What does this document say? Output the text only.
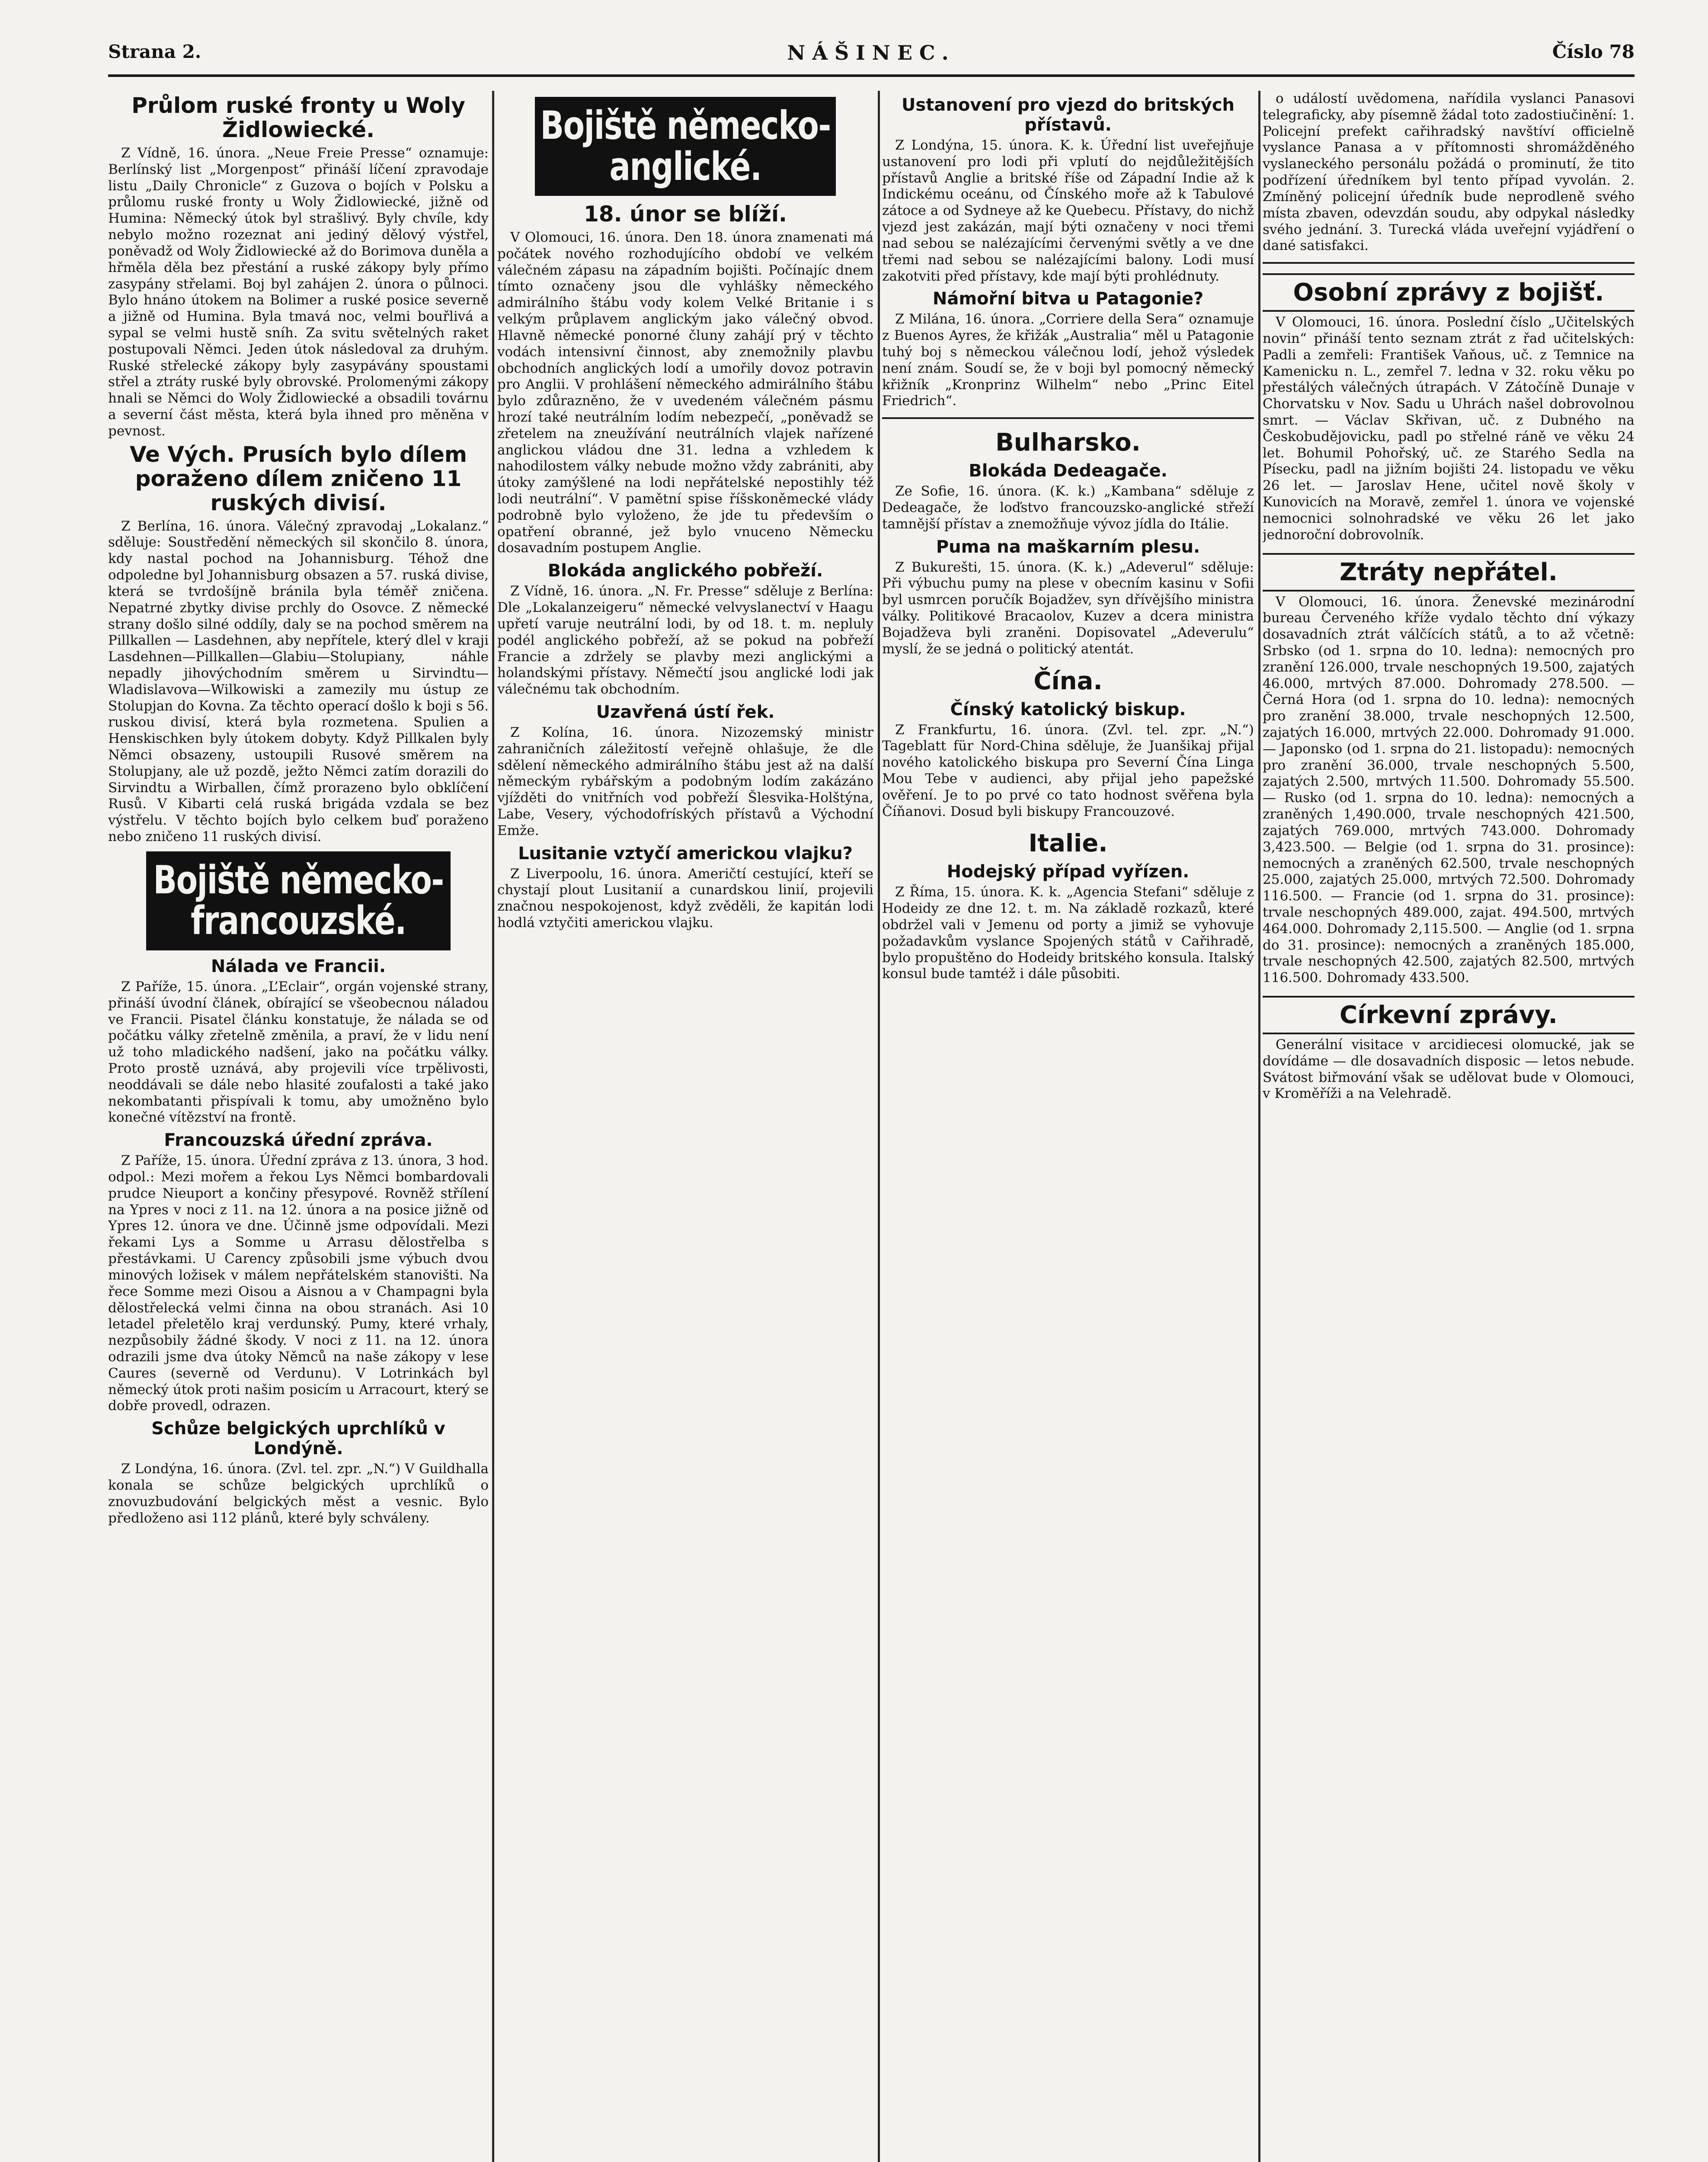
Strana 2.	NÁŠINEC.	Číslo 78
Průlom ruské fronty u Woly Židlowiecké.

Z Vídně, 16. února. „Neue Freie Presse“ oznamuje: Berlínský list „Morgenpost“ přináší líčení zpravodaje listu „Daily Chronicle“ z Guzova o bojích v Polsku a průlomu ruské fronty u Woly Židlowiecké, jižně od Humina: Německý útok byl strašlivý. Byly chvíle, kdy nebylo možno rozeznat ani jediný dělový výstřel, poněvadž od Woly Židlowiecké až do Borimova duněla a hřměla děla bez přestání a ruské zákopy byly přímo zasypány střelami. Boj byl zahájen 2. února o půlnoci. Bylo hnáno útokem na Bolimer a ruské posice severně a jižně od Humina. Byla tmavá noc, velmi bouřlivá a sypal se velmi hustě sníh. Za svitu světelných raket postupovali Němci. Jeden útok následoval za druhým. Ruské střelecké zákopy byly zasypávány spoustami střel a ztráty ruské byly obrovské. Prolomenými zákopy hnali se Němci do Woly Židlowiecké a obsadili továrnu a severní část města, která byla ihned pro měněna v pevnost.

Ve Vých. Prusích bylo dílem poraženo dílem zničeno 11 ruských divisí.

Z Berlína, 16. února. Válečný zpravodaj „Lokalanz.“ sděluje: Soustředění německých sil skončilo 8. února, kdy nastal pochod na Johannisburg. Téhož dne odpoledne byl Johannisburg obsazen a 57. ruská divise, která se tvrdošíjně bránila byla téměř zničena. Nepatrné zbytky divise prchly do Osovce. Z německé strany došlo silné oddíly, daly se na pochod směrem na Pillkallen — Lasdehnen, aby nepřítele, který dlel v kraji Lasdehnen—Pillkallen—Glabiu—Stolupiany, náhle nepadly jihovýchodním směrem u Sirvindtu—Wladislavova—Wilkowiski a zamezily mu ústup ze Stolupjan do Kovna. Za těchto operací došlo k boji s 56. ruskou divisí, která byla rozmetena. Spulien a Henskischken byly útokem dobyty. Když Pillkalen byly Němci obsazeny, ustoupili Rusové směrem na Stolupjany, ale už pozdě, ježto Němci zatím dorazili do Sirvindtu a Wirballen, čímž prorazeno bylo obklíčení Rusů. V Kibarti celá ruská brigáda vzdala se bez výstřelu. V těchto bojích bylo celkem buď poraženo nebo zničeno 11 ruských divisí.

Bojiště německo-francouzské.
Nálada ve Francii.

Z Paříže, 15. února. „L’Eclair“, orgán vojenské strany, přináší úvodní článek, obírající se všeobecnou náladou ve Francii. Pisatel článku konstatuje, že nálada se od počátku války zřetelně změnila, a praví, že v lidu není už toho mladického nadšení, jako na počátku války. Proto prostě uznává, aby projevili více trpělivosti, neoddávali se dále nebo hlasité zoufalosti a také jako nekombatanti přispívali k tomu, aby umožněno bylo konečné vítězství na frontě.

Francouzská úřední zpráva.

Z Paříže, 15. února. Úřední zpráva z 13. února, 3 hod. odpol.: Mezi mořem a řekou Lys Němci bombardovali prudce Nieuport a končiny přesypové. Rovněž střílení na Ypres v noci z 11. na 12. února a na posice jižně od Ypres 12. února ve dne. Účinně jsme odpovídali. Mezi řekami Lys a Somme u Arrasu dělostřelba s přestávkami. U Carency způsobili jsme výbuch dvou minových ložisek v málem nepřátelském stanovišti. Na řece Somme mezi Oisou a Aisnou a v Champagni byla dělostřelecká velmi činna na obou stranách. Asi 10 letadel přeletělo kraj verdunský. Pumy, které vrhaly, nezpůsobily žádné škody. V noci z 11. na 12. února odrazili jsme dva útoky Němců na naše zákopy v lese Caures (severně od Verdunu). V Lotrinkách byl německý útok proti našim posicím u Arracourt, který se dobře provedl, odrazen.

Schůze belgických uprchlíků v Londýně.

Z Londýna, 16. února. (Zvl. tel. zpr. „N.“) V Guildhalla konala se schůze belgických uprchlíků o znovuzbudování belgických měst a vesnic. Bylo předloženo asi 112 plánů, které byly schváleny.

Bojiště německo-anglické.
18. únor se blíží.

V Olomouci, 16. února. Den 18. února znamenati má počátek nového rozhodujícího období ve velkém válečném zápasu na západním bojišti. Počínajíc dnem tímto označeny jsou dle vyhlášky německého admirálního štábu vody kolem Velké Britanie i s velkým průplavem anglickým jako válečný obvod. Hlavně německé ponorné čluny zahájí prý v těchto vodách intensivní činnost, aby znemožnily plavbu obchodních anglických lodí a umořily dovoz potravin pro Anglii. V prohlášení německého admirálního štábu bylo zdůrazněno, že v uvedeném válečném pásmu hrozí také neutrálním lodím nebezpečí, „poněvadž se zřetelem na zneužívání neutrálních vlajek nařízené anglickou vládou dne 31. ledna a vzhledem k nahodilostem války nebude možno vždy zabrániti, aby útoky zamýšlené na lodi nepřátelské nepostihly též lodi neutrální“. V pamětní spise říšskoněmecké vlády podrobně bylo vyloženo, že jde tu především o opatření obranné, jež bylo vnuceno Německu dosavadním postupem Anglie.

Blokáda anglického pobřeží.

Z Vídně, 16. února. „N. Fr. Presse“ sděluje z Berlína: Dle „Lokalanzeigeru“ německé velvyslanectví v Haagu upřetí varuje neutrální lodi, by od 18. t. m. nepluly podél anglického pobřeží, až se pokud na pobřeží Francie a zdržely se plavby mezi anglickými a holandskými přístavy. Němečtí jsou anglické lodi jak válečnému tak obchodním.

Uzavřená ústí řek.

Z Kolína, 16. února. Nizozemský ministr zahraničních záležitostí veřejně ohlašuje, že dle sdělení německého admirálního štábu jest až na další německým rybářským a podobným lodím zakázáno vjížděti do vnitřních vod pobřeží Šlesvika-Holštýna, Labe, Vesery, východofríských přístavů a Východní Emže.

Lusitanie vztyčí americkou vlajku?

Z Liverpoolu, 16. února. Američtí cestující, kteří se chystají plout Lusitanií a cunardskou linií, projevili značnou nespokojenost, když zvěděli, že kapitán lodi hodlá vztyčiti americkou vlajku.

Ustanovení pro vjezd do britských přístavů.

Z Londýna, 15. února. K. k. Úřední list uveřejňuje ustanovení pro lodi při vplutí do nejdůležitějších přístavů Anglie a britské říše od Západní Indie až k Indickému oceánu, od Čínského moře až k Tabulové zátoce a od Sydneye až ke Quebecu. Přístavy, do nichž vjezd jest zakázán, mají býti označeny v noci třemi nad sebou se nalézajícími červenými světly a ve dne třemi nad sebou se nalézajícími balony. Lodi musí zakotviti před přístavy, kde mají býti prohlédnuty.

Námořní bitva u Patagonie?

Z Milána, 16. února. „Corriere della Sera“ oznamuje z Buenos Ayres, že křižák „Australia“ měl u Patagonie tuhý boj s německou válečnou lodí, jehož výsledek není znám. Soudí se, že v boji byl pomocný německý křižník „Kronprinz Wilhelm“ nebo „Princ Eitel Friedrich“.

Bulharsko.
Blokáda Dedeagače.

Ze Sofie, 16. února. (K. k.) „Kambana“ sděluje z Dedeagače, že loďstvo francouzsko-anglické střeží tamnější přístav a znemožňuje vývoz jídla do Itálie.

Puma na maškarním plesu.

Z Bukurešti, 15. února. (K. k.) „Adeverul“ sděluje: Při výbuchu pumy na plese v obecním kasinu v Sofii byl usmrcen poručík Bojadžev, syn dřívějšího ministra války. Politikové Bracaolov, Kuzev a dcera ministra Bojadževa byli zraněni. Dopisovatel „Adeverulu“ myslí, že se jedná o politický atentát.

Čína.
Čínský katolický biskup.

Z Frankfurtu, 16. února. (Zvl. tel. zpr. „N.“) Tageblatt für Nord-China sděluje, že Juanšikaj přijal nového katolického biskupa pro Severní Čína Linga Mou Tebe v audienci, aby přijal jeho papežské ověření. Je to po prvé co tato hodnost svěřena byla Číňanovi. Dosud byli biskupy Francouzové.

Italie.
Hodejský případ vyřízen.

Z Říma, 15. února. K. k. „Agencia Stefani“ sděluje z Hodeidy ze dne 12. t. m. Na základě rozkazů, které obdržel vali v Jemenu od porty a jimiž se vyhovuje požadavkům vyslance Spojených států v Cařihradě, bylo propuštěno do Hodeidy britského konsula. Italský konsul bude tamtéž i dále působiti.

o událostí uvědomena, nařídila vyslanci Panasovi telegraficky, aby písemně žádal toto zadostiučinění: 1. Policejní prefekt cařihradský navštíví officielně vyslance Panasa a v přítomnosti shromážděného vyslaneckého personálu požádá o prominutí, že tito podřízení úředníkem byl tento případ vyvolán. 2. Zmíněný policejní úředník bude neprodleně svého místa zbaven, odevzdán soudu, aby odpykal následky svého jednání. 3. Turecká vláda uveřejní vyjádření o dané satisfakci.

Osobní zprávy z bojišť.

V Olomouci, 16. února. Poslední číslo „Učitelských novin“ přináší tento seznam ztrát z řad učitelských: Padli a zemřeli: František Vaňous, uč. z Temnice na Kamenicku n. L., zemřel 7. ledna v 32. roku věku po přestálých válečných útrapách. V Zátočíně Dunaje v Chorvatsku v Nov. Sadu u Uhrách našel dobrovolnou smrt. — Václav Skřivan, uč. z Dubného na Českobudějovicku, padl po střelné ráně ve věku 24 let. Bohumil Pohořský, uč. ze Starého Sedla na Písecku, padl na jižním bojišti 24. listopadu ve věku 26 let. — Jaroslav Hene, učitel nově školy v Kunovicích na Moravě, zemřel 1. února ve vojenské nemocnici solnohradské ve věku 26 let jako jednoroční dobrovolník.

Ztráty nepřátel.

V Olomouci, 16. února. Ženevské mezinárodní bureau Červeného kříže vydalo těchto dní výkazy dosavadních ztrát válčících států, a to až včetně: Srbsko (od 1. srpna do 10. ledna): nemocných pro zranění 126.000, trvale neschopných 19.500, zajatých 46.000, mrtvých 87.000. Dohromady 278.500. — Černá Hora (od 1. srpna do 10. ledna): nemocných pro zranění 38.000, trvale neschopných 12.500, zajatých 16.000, mrtvých 22.000. Dohromady 91.000. — Japonsko (od 1. srpna do 21. listopadu): nemocných pro zranění 36.000, trvale neschopných 5.500, zajatých 2.500, mrtvých 11.500. Dohromady 55.500. — Rusko (od 1. srpna do 10. ledna): nemocných a zraněných 1,490.000, trvale neschopných 421.500, zajatých 769.000, mrtvých 743.000. Dohromady 3,423.500. — Belgie (od 1. srpna do 31. prosince): nemocných a zraněných 62.500, trvale neschopných 25.000, zajatých 25.000, mrtvých 72.500. Dohromady 116.500. — Francie (od 1. srpna do 31. prosince): trvale neschopných 489.000, zajat. 494.500, mrtvých 464.000. Dohromady 2,115.500. — Anglie (od 1. srpna do 31. prosince): nemocných a zraněných 185.000, trvale neschopných 42.500, zajatých 82.500, mrtvých 116.500. Dohromady 433.500.

Církevní zprávy.

Generální visitace v arcidiecesi olomucké, jak se dovídáme — dle dosavadních disposic — letos nebude. Svátost biřmování však se udělovat bude v Olomouci, v Kroměříži a na Velehradě.
